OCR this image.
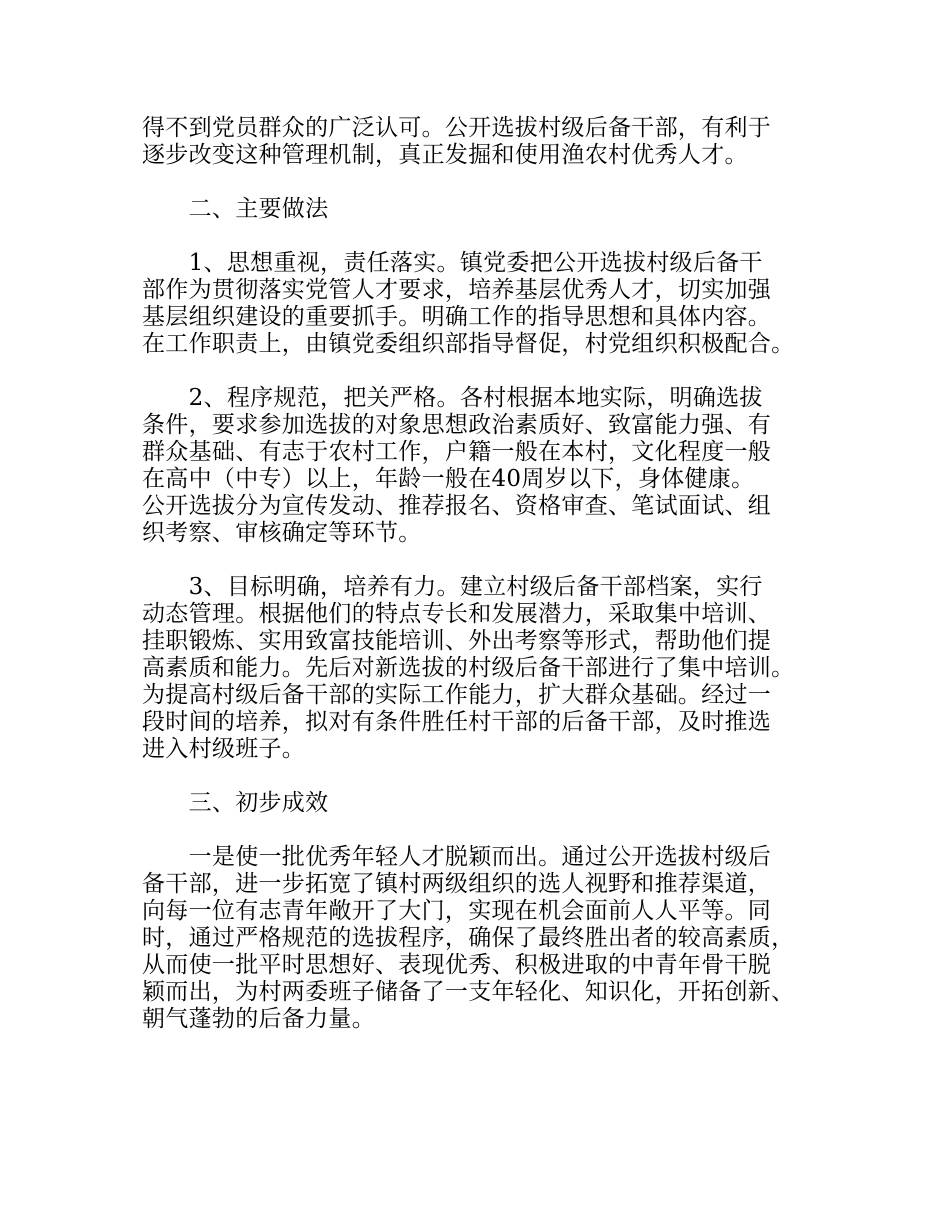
得不到党员群众的广泛认可。公开选拔村级后备干部，有利于
逐步改变这种管理机制，真正发掘和使用渔农村优秀人才。

　　二、主要做法

　　1、思想重视，责任落实。镇党委把公开选拔村级后备干
部作为贯彻落实党管人才要求，培养基层优秀人才，切实加强
基层组织建设的重要抓手。明确工作的指导思想和具体内容。
在工作职责上，由镇党委组织部指导督促，村党组织积极配合。

　　2、程序规范，把关严格。各村根据本地实际，明确选拔
条件，要求参加选拔的对象思想政治素质好、致富能力强、有
群众基础、有志于农村工作，户籍一般在本村，文化程度一般
在高中（中专）以上，年龄一般在40周岁以下，身体健康。
公开选拔分为宣传发动、推荐报名、资格审查、笔试面试、组
织考察、审核确定等环节。

　　3、目标明确，培养有力。建立村级后备干部档案，实行
动态管理。根据他们的特点专长和发展潜力，采取集中培训、
挂职锻炼、实用致富技能培训、外出考察等形式，帮助他们提
高素质和能力。先后对新选拔的村级后备干部进行了集中培训。
为提高村级后备干部的实际工作能力，扩大群众基础。经过一
段时间的培养，拟对有条件胜任村干部的后备干部，及时推选
进入村级班子。

　　三、初步成效

　　一是使一批优秀年轻人才脱颖而出。通过公开选拔村级后
备干部，进一步拓宽了镇村两级组织的选人视野和推荐渠道，
向每一位有志青年敞开了大门，实现在机会面前人人平等。同
时，通过严格规范的选拔程序，确保了最终胜出者的较高素质，
从而使一批平时思想好、表现优秀、积极进取的中青年骨干脱
颖而出，为村两委班子储备了一支年轻化、知识化，开拓创新、
朝气蓬勃的后备力量。
